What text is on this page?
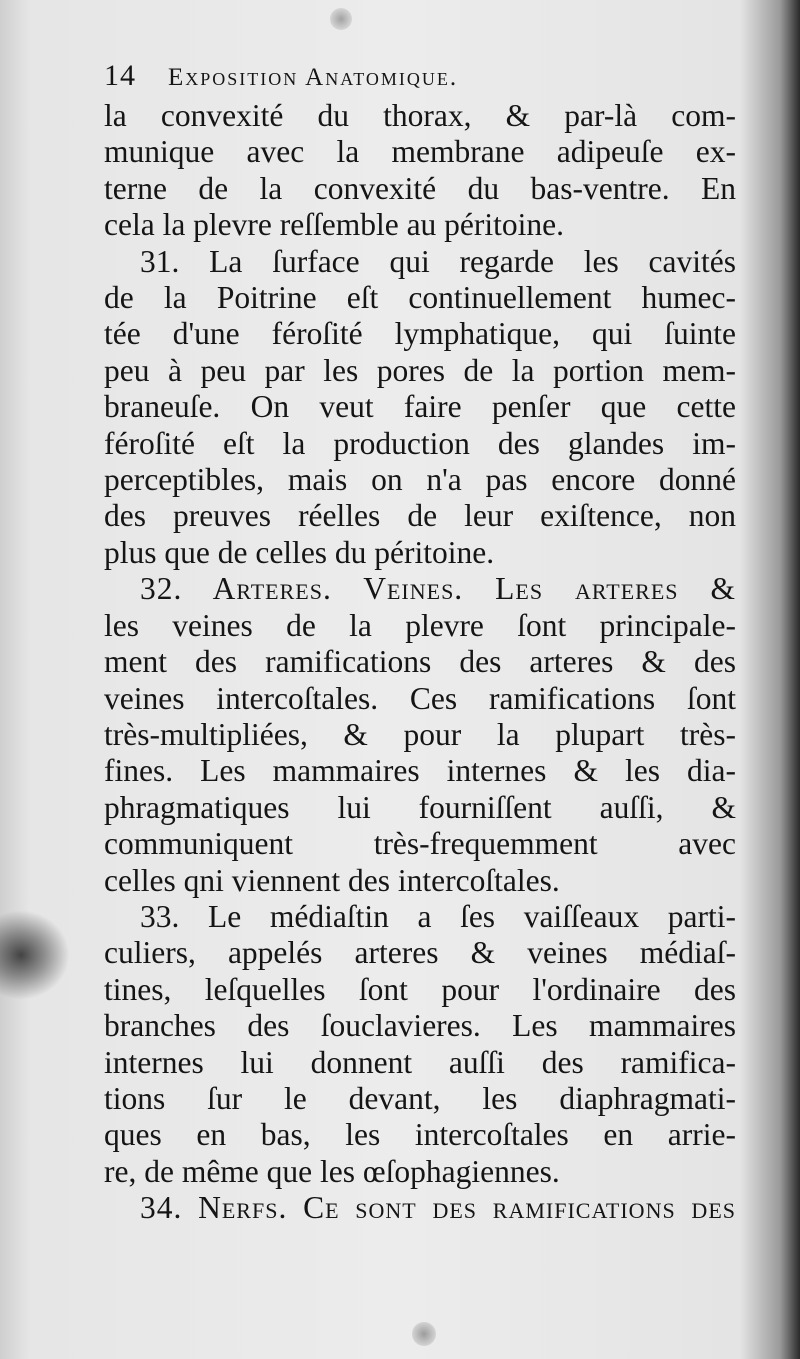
14 Exposition Anatomique.
la convexité du thorax, & par-là com-
munique avec la membrane adipeuſe ex-
terne de la convexité du bas-ventre. En
cela la plevre reſſemble au péritoine.
31. La ſurface qui regarde les cavités
de la Poitrine eſt continuellement humec-
tée d'une féroſité lymphatique, qui ſuinte
peu à peu par les pores de la portion mem-
braneuſe. On veut faire penſer que cette
féroſité eſt la production des glandes im-
perceptibles, mais on n'a pas encore donné
des preuves réelles de leur exiſtence, non
plus que de celles du péritoine.
32. Arteres. Veines. Les arteres &
les veines de la plevre ſont principale-
ment des ramifications des arteres & des
veines intercoſtales. Ces ramifications ſont
très-multipliées, & pour la plupart très-
fines. Les mammaires internes & les dia-
phragmatiques lui fourniſſent auſſi, &
communiquent très-frequemment avec
celles qni viennent des intercoſtales.
33. Le médiaſtin a ſes vaiſſeaux parti-
culiers, appelés arteres & veines médiaſ-
tines, leſquelles ſont pour l'ordinaire des
branches des ſouclavieres. Les mammaires
internes lui donnent auſſi des ramifica-
tions ſur le devant, les diaphragmati-
ques en bas, les intercoſtales en arrie-
re, de même que les œſophagiennes.
34. Nerfs. Ce ſont des ramifications des
